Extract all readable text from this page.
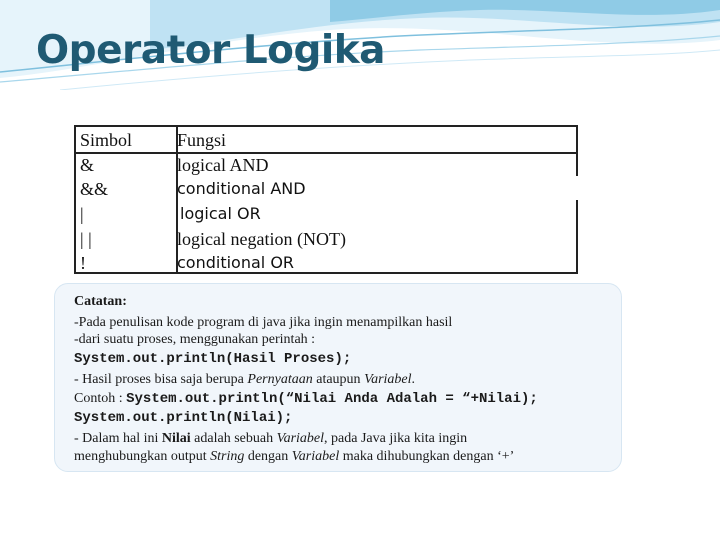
Operator Logika
Simbol Fungsi
&	logical AND
&&	conditional AND
|	logical OR
| |	logical negation (NOT)
!	conditional OR
Catatan:
-Pada penulisan kode program di java jika ingin menampilkan hasil
-dari suatu proses, menggunakan perintah :
System.out.println(Hasil Proses);
- Hasil proses bisa saja berupa Pernyataan ataupun Variabel.
Contoh : System.out.println(“Nilai Anda Adalah = “+Nilai);
System.out.println(Nilai);
- Dalam hal ini Nilai adalah sebuah Variabel, pada Java jika kita ingin
menghubungkan output String dengan Variabel maka dihubungkan dengan ‘+’
